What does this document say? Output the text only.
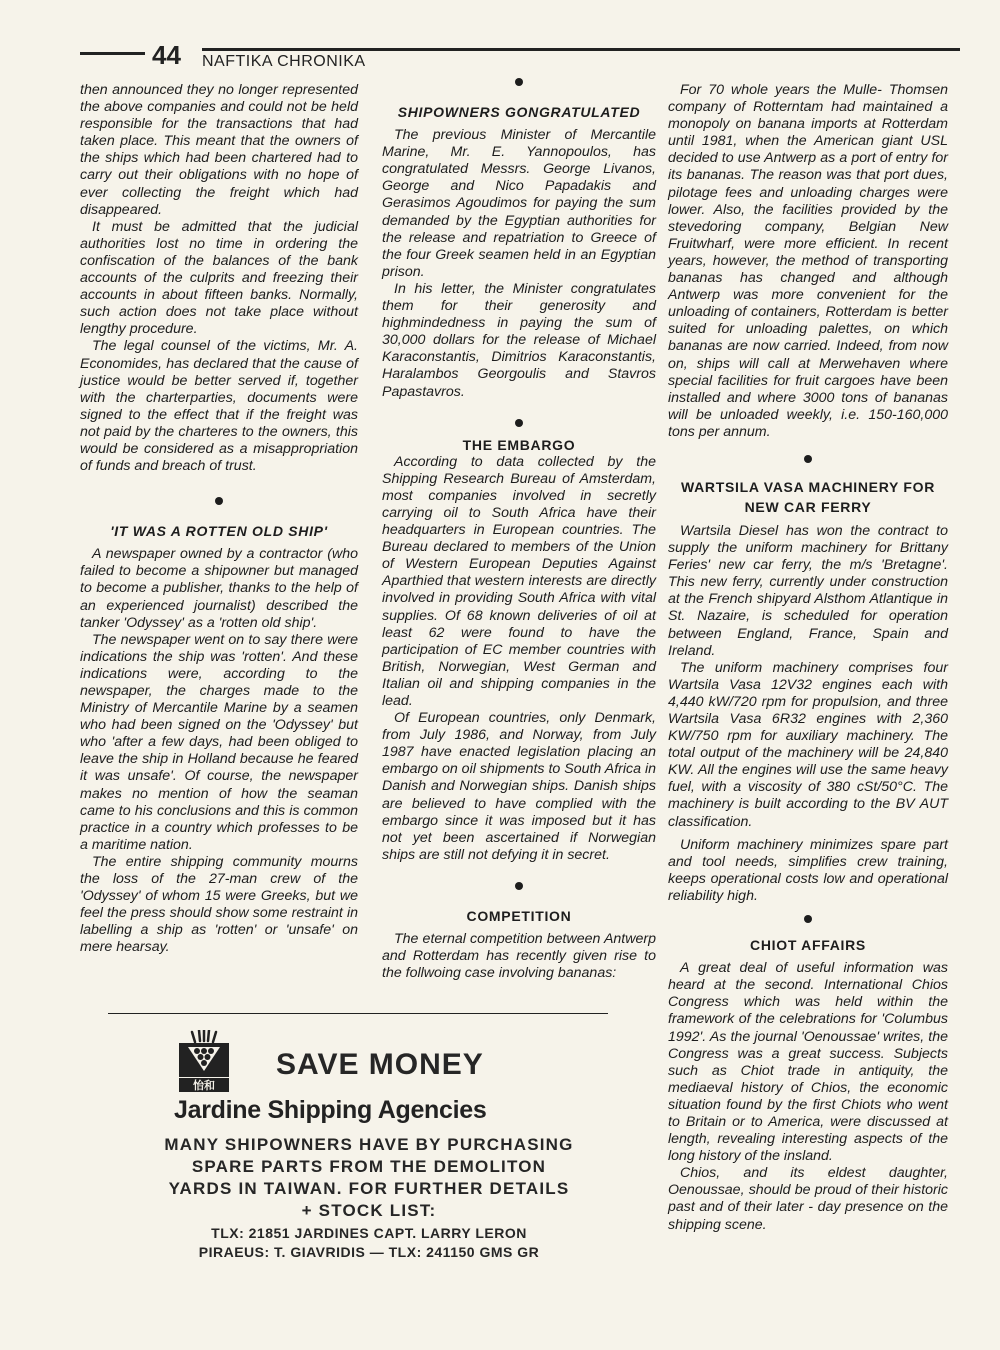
44 NAFTIKA CHRONIKA

then announced they no longer represented the above companies and could not be held responsible for the transactions that had taken place. This meant that the owners of the ships which had been chartered had to carry out their obligations with no hope of ever collecting the freight which had disappeared.

It must be admitted that the judicial authorities lost no time in ordering the confiscation of the balances of the bank accounts of the culprits and freezing their accounts in about fifteen banks. Normally, such action does not take place without lengthy procedure.

The legal counsel of the victims, Mr. A. Economides, has declared that the cause of justice would be better served if, together with the charterparties, documents were signed to the effect that if the freight was not paid by the charteres to the owners, this would be considered as a misappropriation of funds and breach of trust.

'IT WAS A ROTTEN OLD SHIP'

A newspaper owned by a contractor (who failed to become a shipowner but managed to become a publisher, thanks to the help of an experienced journalist) described the tanker 'Odyssey' as a 'rotten old ship'.

The newspaper went on to say there were indications the ship was 'rotten'. And these indications were, according to the newspaper, the charges made to the Ministry of Mercantile Marine by a seamen who had been signed on the 'Odyssey' but who 'after a few days, had been obliged to leave the ship in Holland because he feared it was unsafe'. Of course, the newspaper makes no mention of how the seaman came to his conclusions and this is common practice in a country which professes to be a maritime nation.

The entire shipping community mourns the loss of the 27-man crew of the 'Odyssey' of whom 15 were Greeks, but we feel the press should show some restraint in labelling a ship as 'rotten' or 'unsafe' on mere hearsay.

SHIPOWNERS GONGRATULATED

The previous Minister of Mercantile Marine, Mr. E. Yannopoulos, has congratulated Messrs. George Livanos, George and Nico Papadakis and Gerasimos Agoudimos for paying the sum demanded by the Egyptian authorities for the release and repatriation to Greece of the four Greek seamen held in an Egyptian prison.

In his letter, the Minister congratulates them for their generosity and highmindedness in paying the sum of 30,000 dollars for the release of Michael Karaconstantis, Dimitrios Karaconstantis, Haralambos Georgoulis and Stavros Papastavros.

THE EMBARGO

According to data collected by the Shipping Research Bureau of Amsterdam, most companies involved in secretly carrying oil to South Africa have their headquarters in European countries. The Bureau declared to members of the Union of Western European Deputies Against Aparthied that western interests are directly involved in providing South Africa with vital supplies. Of 68 known deliveries of oil at least 62 were found to have the participation of EC member countries with British, Norwegian, West German and Italian oil and shipping companies in the lead.

Of European countries, only Denmark, from July 1986, and Norway, from July 1987 have enacted legislation placing an embargo on oil shipments to South Africa in Danish and Norwegian ships. Danish ships are believed to have complied with the embargo since it was imposed but it has not yet been ascertained if Norwegian ships are still not defying it in secret.

COMPETITION

The eternal competition between Antwerp and Rotterdam has recently given rise to the follwoing case involving bananas:

For 70 whole years the Mulle- Thomsen company of Rotterntam had maintained a monopoly on banana imports at Rotterdam until 1981, when the American giant USL decided to use Antwerp as a port of entry for its bananas. The reason was that port dues, pilotage fees and unloading charges were lower. Also, the facilities provided by the stevedoring company, Belgian New Fruitwharf, were more efficient. In recent years, however, the method of transporting bananas has changed and although Antwerp was more convenient for the unloading of containers, Rotterdam is better suited for unloading palettes, on which bananas are now carried. Indeed, from now on, ships will call at Merwehaven where special facilities for fruit cargoes have been installed and where 3000 tons of bananas will be unloaded weekly, i.e. 150-160,000 tons per annum.

WARTSILA VASA MACHINERY FOR NEW CAR FERRY

Wartsila Diesel has won the contract to supply the uniform machinery for Brittany Feries' new car ferry, the m/s 'Bretagne'. This new ferry, currently under construction at the French shipyard Alsthom Atlantique in St. Nazaire, is scheduled for operation between England, France, Spain and Ireland.

The uniform machinery comprises four Wartsila Vasa 12V32 engines each with 4,440 kW/720 rpm for propulsion, and three Wartsila Vasa 6R32 engines with 2,360 KW/750 rpm for auxiliary machinery. The total output of the machinery will be 24,840 KW. All the engines will use the same heavy fuel, with a viscosity of 380 cSt/50°C. The machinery is built according to the BV AUT classification.

Uniform machinery minimizes spare part and tool needs, simplifies crew training, keeps operational costs low and operational reliability high.

CHIOT AFFAIRS

A great deal of useful information was heard at the second. International Chios Congress which was held within the framework of the celebrations for 'Columbus 1992'. As the journal 'Oenoussae' writes, the Congress was a great success. Subjects such as Chiot trade in antiquity, the mediaeval history of Chios, the economic situation found by the first Chiots who went to Britain or to America, were discussed at length, revealing interesting aspects of the long history of the insland.

Chios, and its eldest daughter, Oenoussae, should be proud of their historic past and of their later - day presence on the shipping scene.

怡和
SAVE MONEY
Jardine Shipping Agencies
MANY SHIPOWNERS HAVE BY PURCHASING
SPARE PARTS FROM THE DEMOLITON
YARDS IN TAIWAN. FOR FURTHER DETAILS
+ STOCK LIST:
TLX: 21851 JARDINES CAPT. LARRY LERON
PIRAEUS: T. GIAVRIDIS — TLX: 241150 GMS GR
